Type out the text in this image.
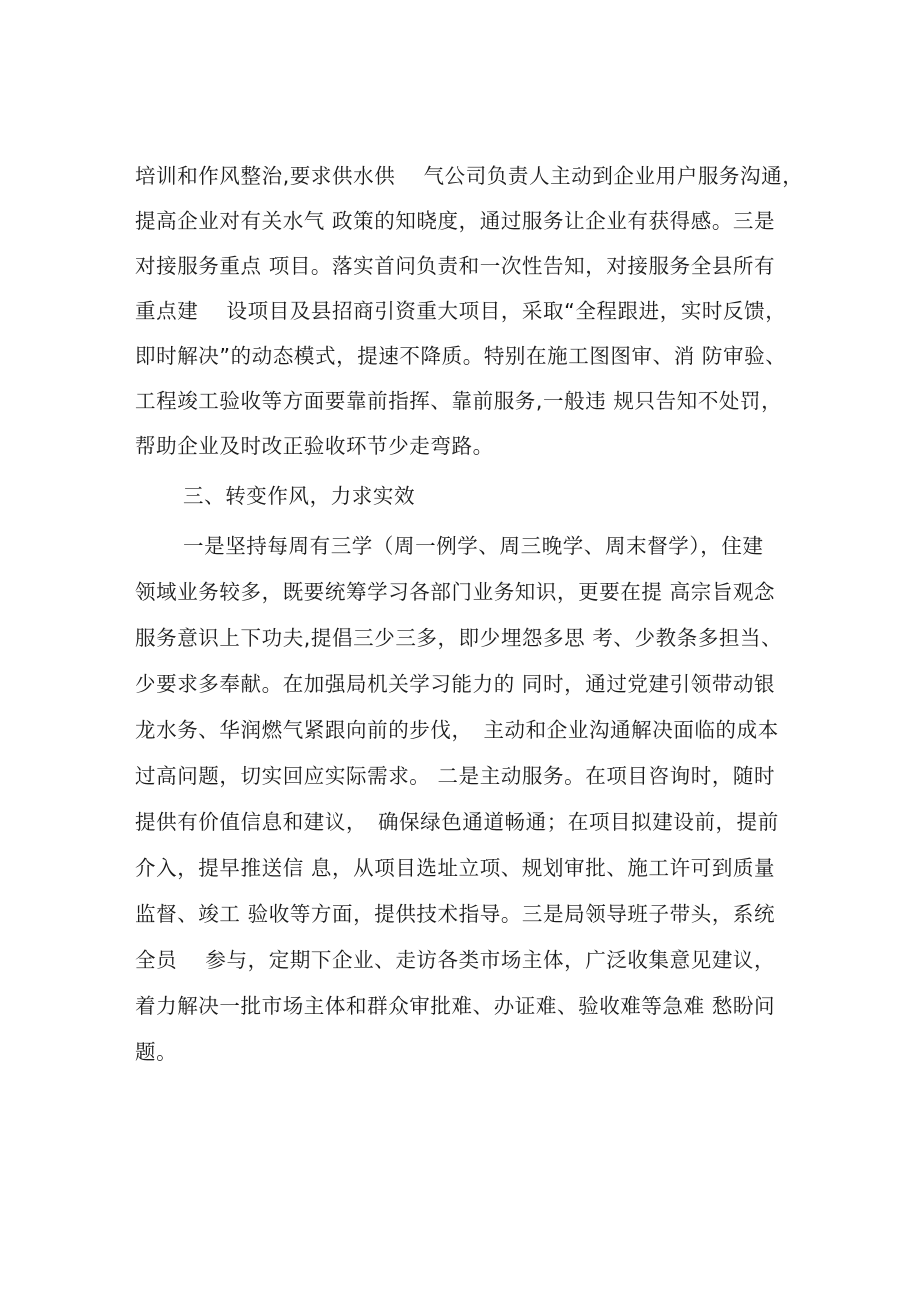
培训和作风整治,要求供水供　 气公司负责人主动到企业用户服务沟通，
提高企业对有关水气 政策的知晓度，通过服务让企业有获得感。三是
对接服务重点 项目。落实首问负责和一次性告知，对接服务全县所有
重点建　 设项目及县招商引资重大项目，采取“全程跟进，实时反馈，
即时解决”的动态模式，提速不降质。特别在施工图图审、消 防审验、
工程竣工验收等方面要靠前指挥、靠前服务,一般违 规只告知不处罚，
帮助企业及时改正验收环节少走弯路。
三、转变作风，力求实效
一是坚持每周有三学（周一例学、周三晚学、周末督学），住建
领域业务较多，既要统筹学习各部门业务知识，更要在提 高宗旨观念
服务意识上下功夫,提倡三少三多，即少埋怨多思 考、少教条多担当、
少要求多奉献。在加强局机关学习能力的 同时，通过党建引领带动银
龙水务、华润燃气紧跟向前的步伐，　主动和企业沟通解决面临的成本
过高问题，切实回应实际需求。 二是主动服务。在项目咨询时，随时
提供有价值信息和建议，　确保绿色通道畅通；在项目拟建设前，提前
介入，提早推送信 息，从项目选址立项、规划审批、施工许可到质量
监督、竣工 验收等方面，提供技术指导。三是局领导班子带头，系统
全员　 参与，定期下企业、走访各类市场主体，广泛收集意见建议，
着力解决一批市场主体和群众审批难、办证难、验收难等急难 愁盼问
题。
